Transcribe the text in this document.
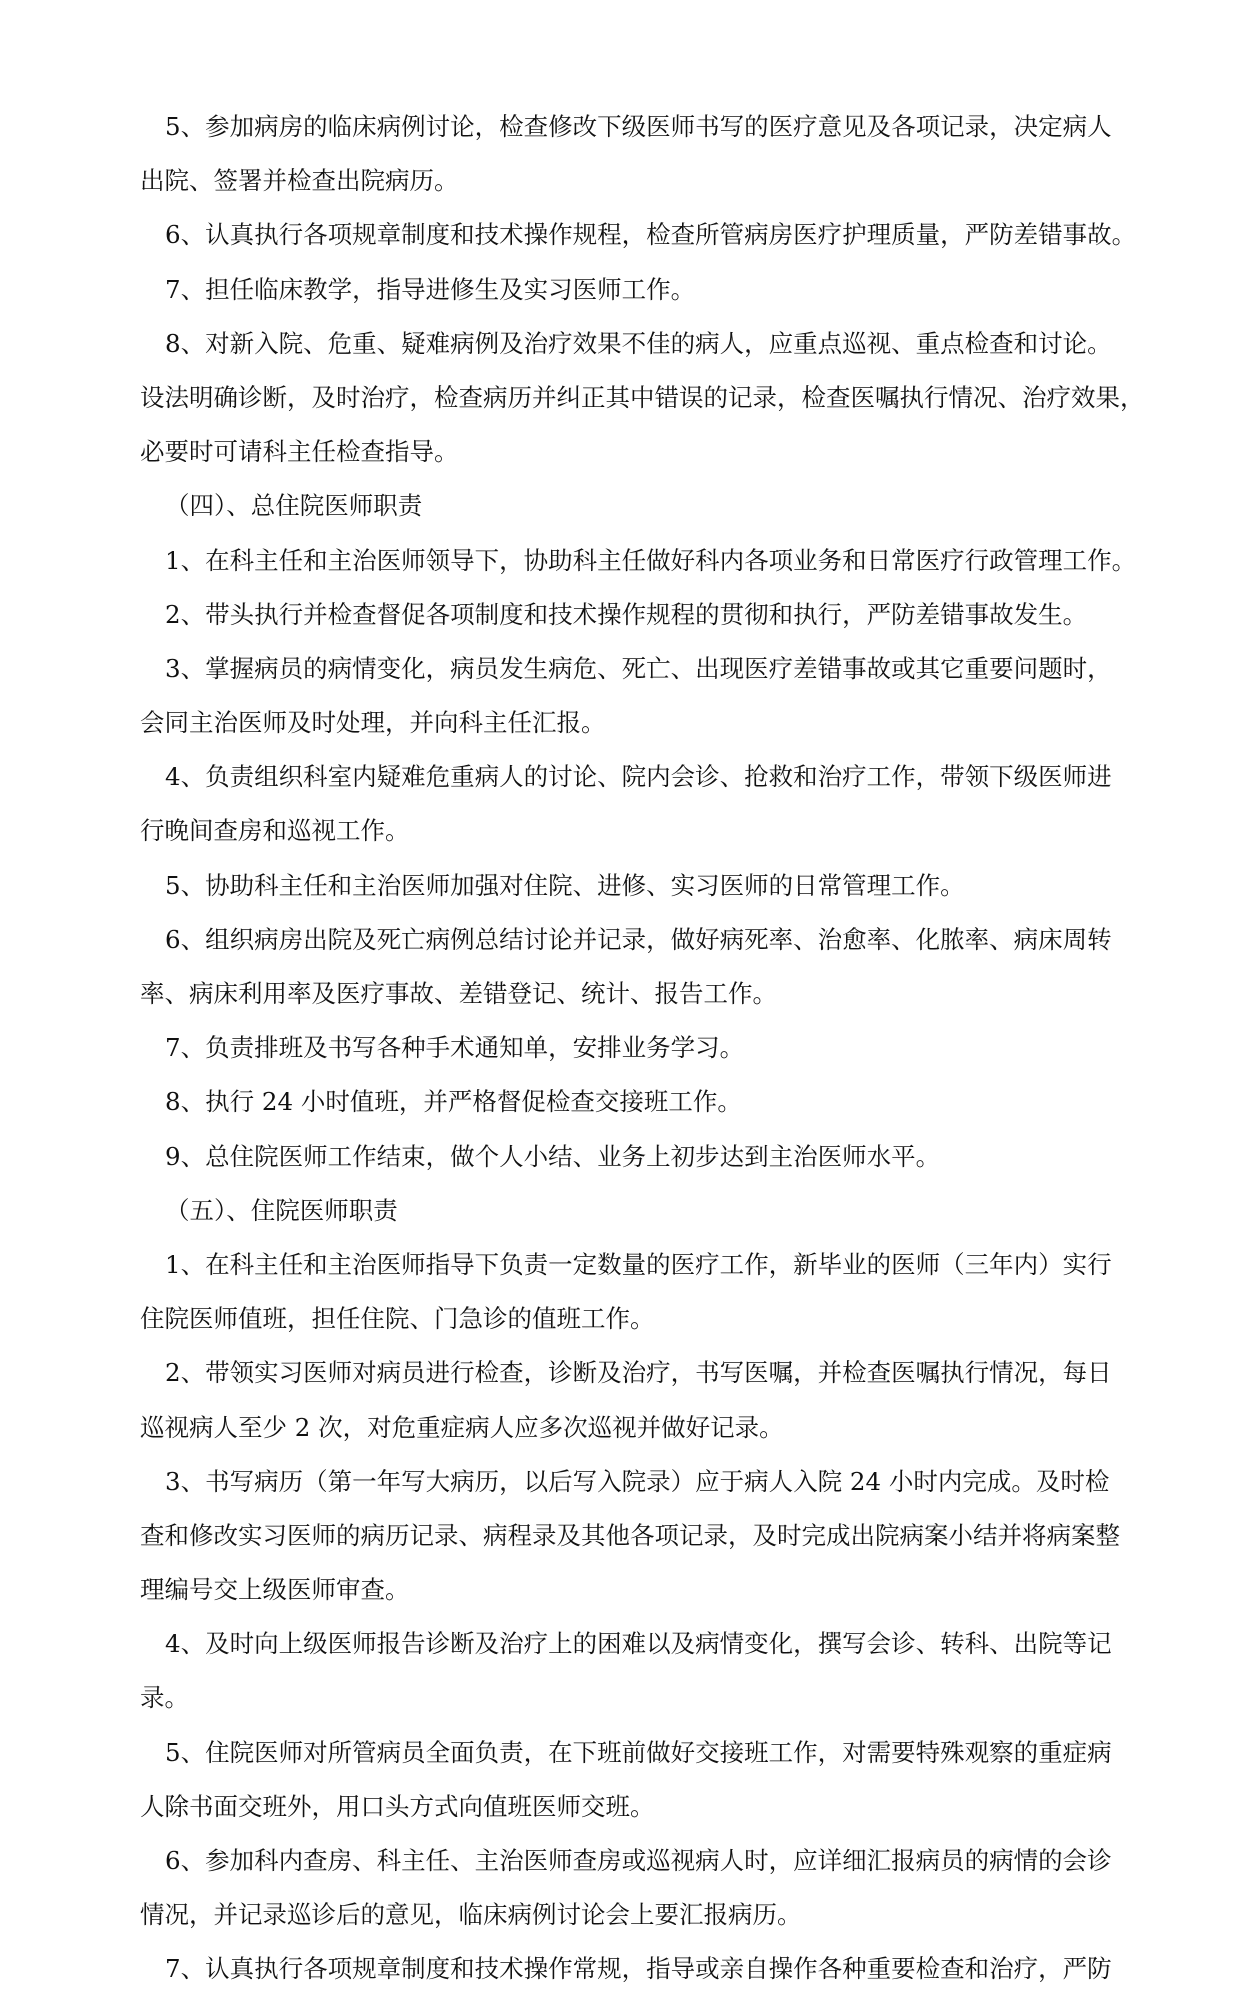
5、参加病房的临床病例讨论，检查修改下级医师书写的医疗意见及各项记录，决定病人
出院、签署并检查出院病历。
6、认真执行各项规章制度和技术操作规程，检查所管病房医疗护理质量，严防差错事故。
7、担任临床教学，指导进修生及实习医师工作。
8、对新入院、危重、疑难病例及治疗效果不佳的病人，应重点巡视、重点检查和讨论。
设法明确诊断，及时治疗，检查病历并纠正其中错误的记录，检查医嘱执行情况、治疗效果，
必要时可请科主任检查指导。
（四）、总住院医师职责
1、在科主任和主治医师领导下，协助科主任做好科内各项业务和日常医疗行政管理工作。
2、带头执行并检查督促各项制度和技术操作规程的贯彻和执行，严防差错事故发生。
3、掌握病员的病情变化，病员发生病危、死亡、出现医疗差错事故或其它重要问题时，
会同主治医师及时处理，并向科主任汇报。
4、负责组织科室内疑难危重病人的讨论、院内会诊、抢救和治疗工作，带领下级医师进
行晚间查房和巡视工作。
5、协助科主任和主治医师加强对住院、进修、实习医师的日常管理工作。
6、组织病房出院及死亡病例总结讨论并记录，做好病死率、治愈率、化脓率、病床周转
率、病床利用率及医疗事故、差错登记、统计、报告工作。
7、负责排班及书写各种手术通知单，安排业务学习。
8、执行 24 小时值班，并严格督促检查交接班工作。
9、总住院医师工作结束，做个人小结、业务上初步达到主治医师水平。
（五）、住院医师职责
1、在科主任和主治医师指导下负责一定数量的医疗工作，新毕业的医师（三年内）实行
住院医师值班，担任住院、门急诊的值班工作。
2、带领实习医师对病员进行检查，诊断及治疗，书写医嘱，并检查医嘱执行情况，每日
巡视病人至少 2 次，对危重症病人应多次巡视并做好记录。
3、书写病历（第一年写大病历，以后写入院录）应于病人入院 24 小时内完成。及时检
查和修改实习医师的病历记录、病程录及其他各项记录，及时完成出院病案小结并将病案整
理编号交上级医师审查。
4、及时向上级医师报告诊断及治疗上的困难以及病情变化，撰写会诊、转科、出院等记
录。
5、住院医师对所管病员全面负责，在下班前做好交接班工作，对需要特殊观察的重症病
人除书面交班外，用口头方式向值班医师交班。
6、参加科内查房、科主任、主治医师查房或巡视病人时，应详细汇报病员的病情的会诊
情况，并记录巡诊后的意见，临床病例讨论会上要汇报病历。
7、认真执行各项规章制度和技术操作常规，指导或亲自操作各种重要检查和治疗，严防
